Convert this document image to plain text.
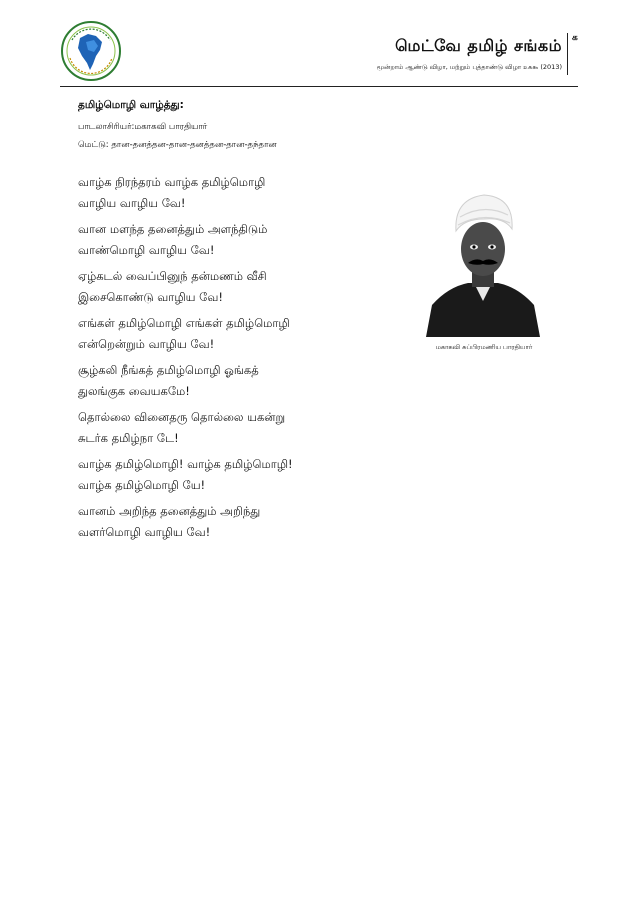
மெட்வே தமிழ் சங்கம்
மூன்றாம் ஆண்டு விழா, மற்றும் புத்தாண்டு விழா ௨௧௯ (2013)
க
தமிழ்மொழி வாழ்த்து:
பாடலாசிரியர்:மகாகவி பாரதியார்
மெட்டு: தான-தனத்தன-தான-தனத்தன-தான-தந்தான
வாழ்க நிரந்தரம் வாழ்க தமிழ்மொழி
வாழிய வாழிய வே!
வான மளந்த தனைத்தும் அளந்திடும்
வாண்மொழி வாழிய வே!
ஏழ்கடல் வைப்பினுந் தன்மணம் வீசி
இசைகொண்டு வாழிய வே!
எங்கள் தமிழ்மொழி எங்கள் தமிழ்மொழி
என்றென்றும் வாழிய வே!
சூழ்கலி நீங்கத் தமிழ்மொழி ஓங்கத்
துலங்குக வையகமே!
தொல்லை வினைதரு தொல்லை யகன்று
சுடர்க தமிழ்நா டே!
வாழ்க தமிழ்மொழி! வாழ்க தமிழ்மொழி!
வாழ்க தமிழ்மொழி யே!
வானம் அறிந்த தனைத்தும் அறிந்து
வளர்மொழி வாழிய வே!
மகாகவி சுப்பிரமணிய பாரதியார்
